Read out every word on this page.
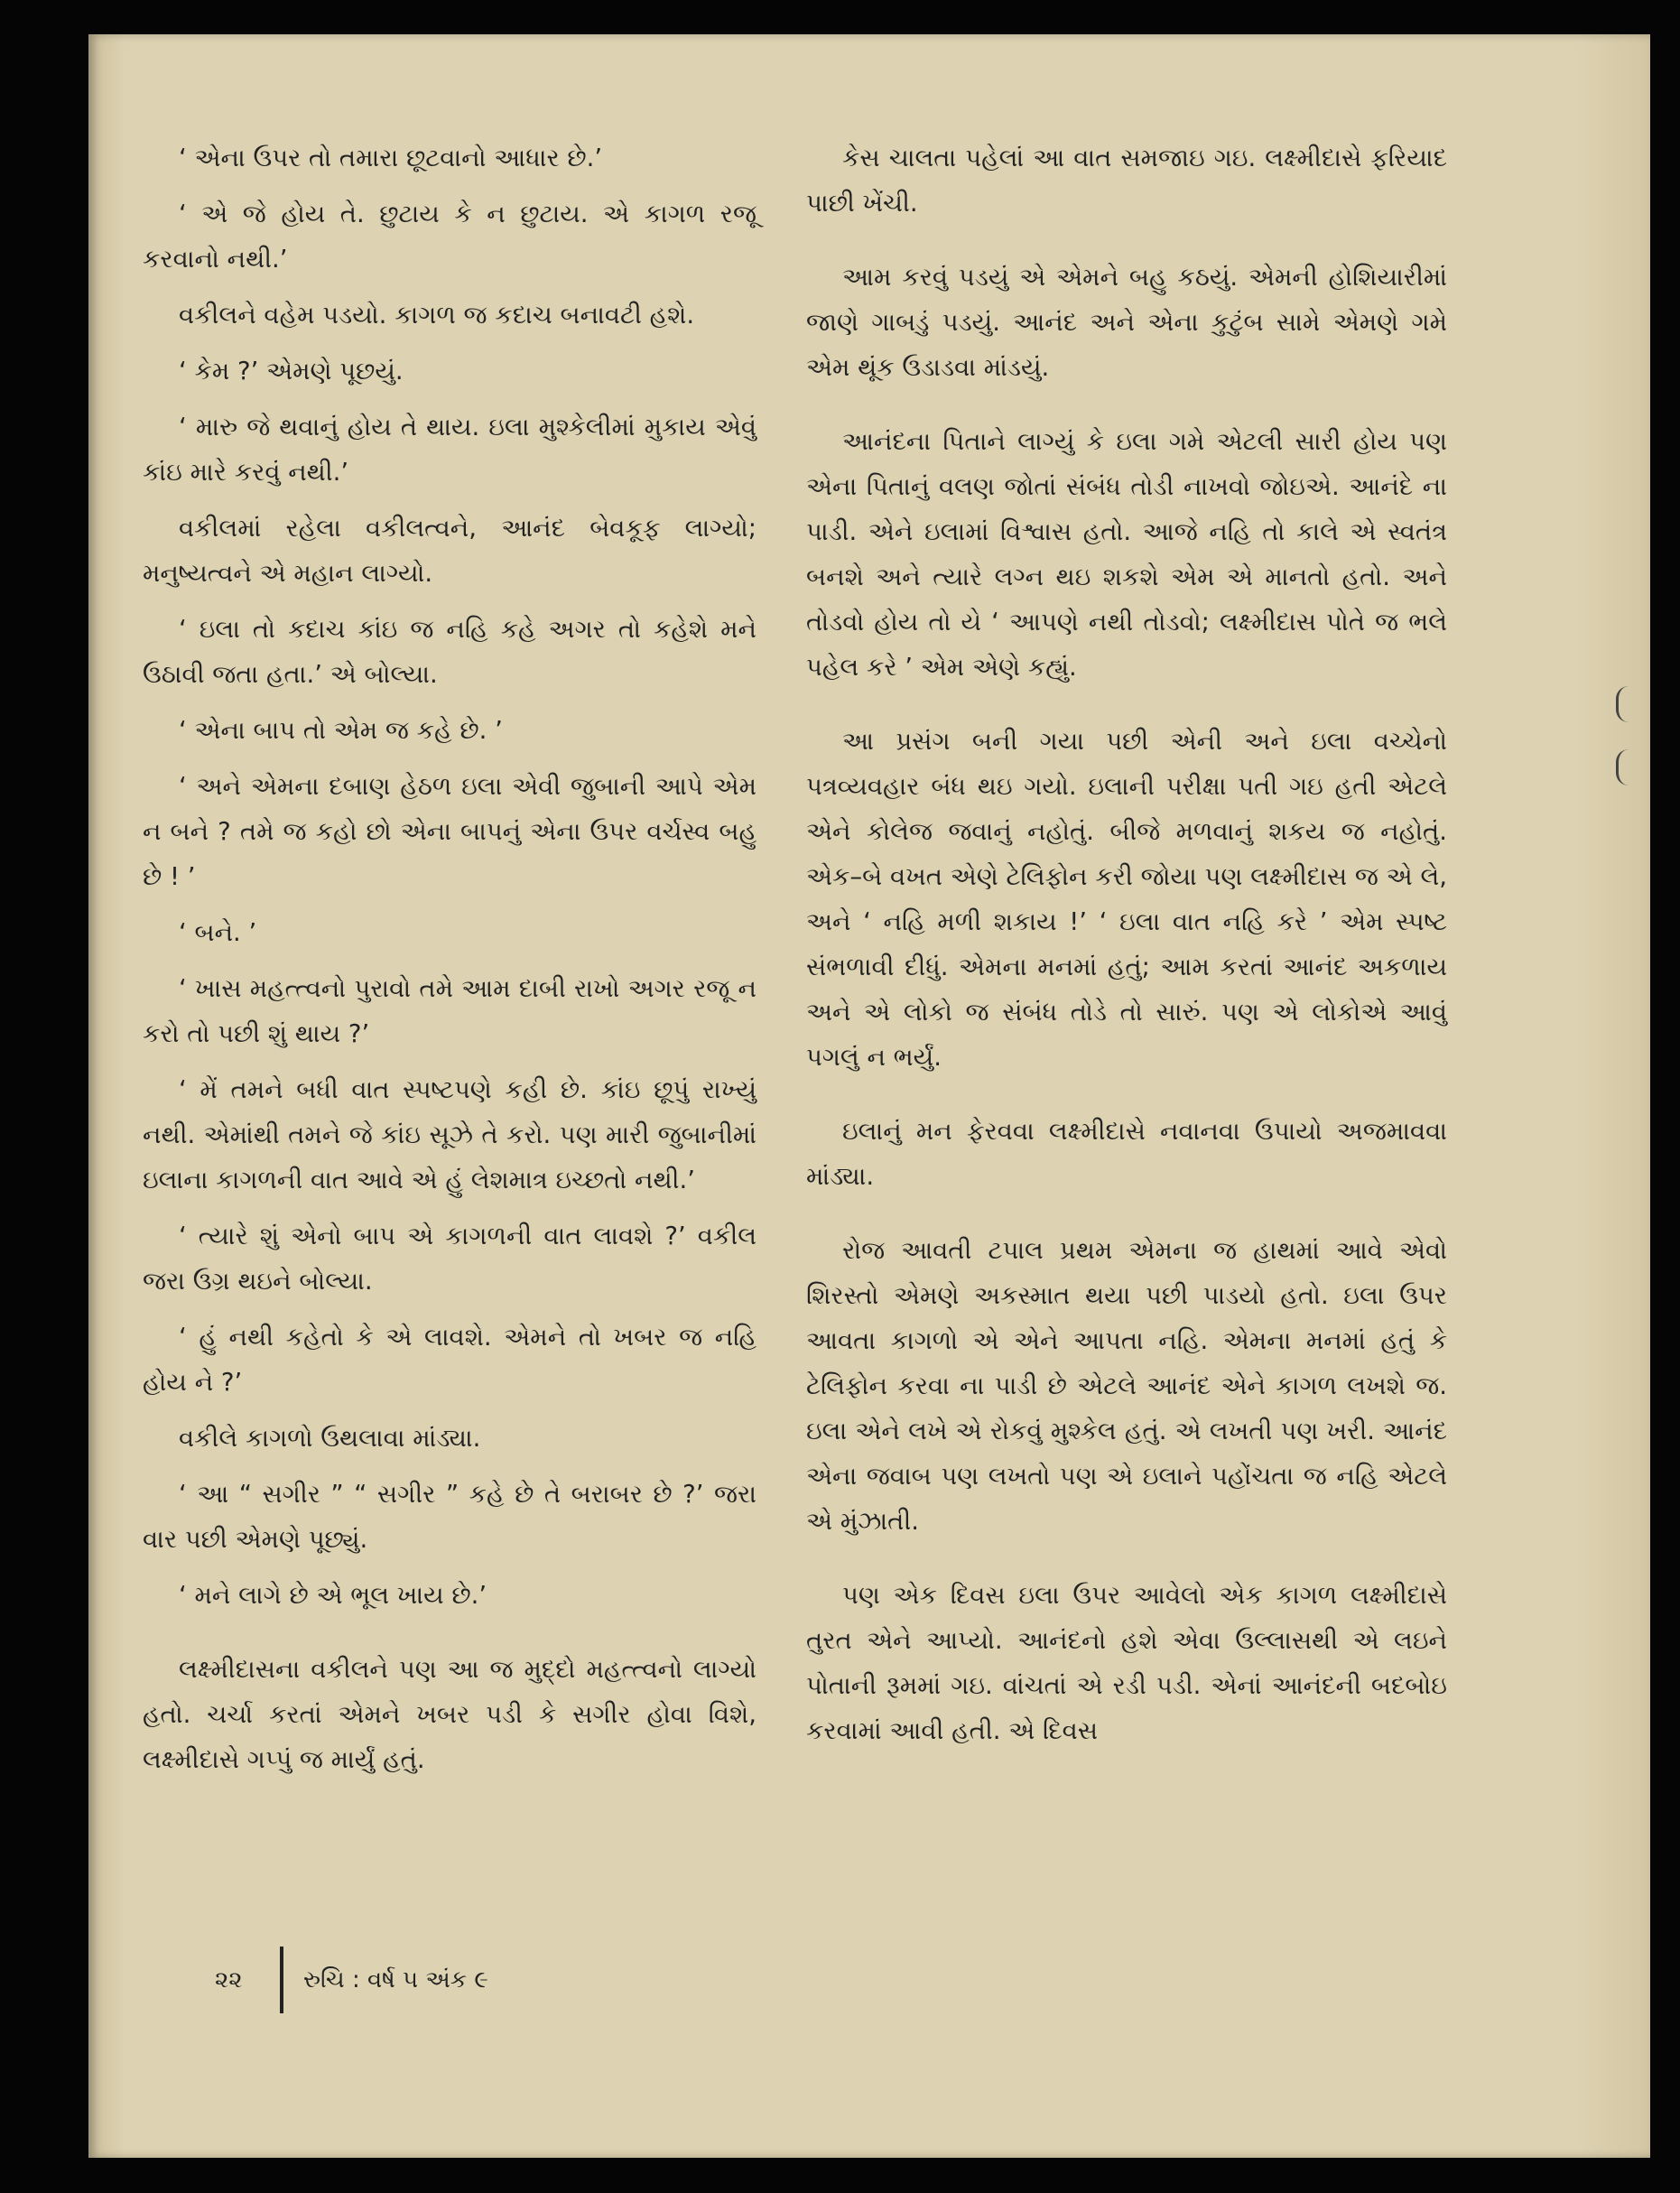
‘ એના ઉપર તો તમારા છૂટવાનો આધાર છે.’

‘ એ જે હોય તે. છુટાય કે ન છુટાય. એ કાગળ રજૂ કરવાનો નથી.’

વકીલને વહેમ પડયો. કાગળ જ કદાચ બનાવટી હશે.

‘ કેમ ?’ એમણે પૂછયું.

‘ મારુ જે થવાનું હોય તે થાય. ઇલા મુશ્કેલીમાં મુકાય એવું કાંઇ મારે કરવું નથી.’

વકીલમાં રહેલા વકીલત્વને, આનંદ બેવકૂફ લાગ્યો; મનુષ્યત્વને એ મહાન લાગ્યો.

‘ ઇલા તો કદાચ કાંઇ જ નહિ કહે અગર તો કહેશે મને ઉઠાવી જતા હતા.’ એ બોલ્યા.

‘ એના બાપ તો એમ જ કહે છે. ’

‘ અને એમના દબાણ હેઠળ ઇલા એવી જુબાની આપે એમ ન બને ? તમે જ કહો છો એના બાપનું એના ઉપર વર્ચસ્વ બહુ છે ! ’

‘ બને. ’

‘ ખાસ મહત્ત્વનો પુરાવો તમે આમ દાબી રાખો અગર રજૂ ન કરો તો પછી શું થાય ?’

‘ મેં તમને બધી વાત સ્પષ્ટપણે કહી છે. કાંઇ છૂપું રાખ્યું નથી. એમાંથી તમને જે કાંઇ સૂઝે તે કરો. પણ મારી જુબાનીમાં ઇલાના કાગળની વાત આવે એ હું લેશમાત્ર ઇચ્છતો નથી.’

‘ ત્યારે શું એનો બાપ એ કાગળની વાત લાવશે ?’ વકીલ જરા ઉગ્ર થઇને બોલ્યા.

‘ હું નથી કહેતો કે એ લાવશે. એમને તો ખબર જ નહિ હોય ને ?’

વકીલે કાગળો ઉથલાવા માંડ્યા.

‘ આ “ સગીર ” “ સગીર ” કહે છે તે બરાબર છે ?’ જરા વાર પછી એમણે પૂછ્યું.

‘ મને લાગે છે એ ભૂલ ખાય છે.’

લક્ષ્મીદાસના વકીલને પણ આ જ મુદ્દો મહત્ત્વનો લાગ્યો હતો. ચર્ચા કરતાં એમને ખબર પડી કે સગીર હોવા વિશે, લક્ષ્મીદાસે ગપ્પું જ માર્યું હતું.

કેસ ચાલતા પહેલાં આ વાત સમજાઇ ગઇ. લક્ષ્મીદાસે ફરિયાદ પાછી ખેંચી.

આમ કરવું પડયું એ એમને બહુ કઠયું. એમની હોશિયારીમાં જાણે ગાબડું પડયું. આનંદ અને એના કુટુંબ સામે એમણે ગમે એમ થૂંક ઉડાડવા માંડયું.

આનંદના પિતાને લાગ્યું કે ઇલા ગમે એટલી સારી હોય પણ એના પિતાનું વલણ જોતાં સંબંધ તોડી નાખવો જોઇએ. આનંદે ના પાડી. એને ઇલામાં વિશ્વાસ હતો. આજે નહિ તો કાલે એ સ્વતંત્ર બનશે અને ત્યારે લગ્ન થઇ શકશે એમ એ માનતો હતો. અને તોડવો હોય તો યે ‘ આપણે નથી તોડવો; લક્ષ્મીદાસ પોતે જ ભલે પહેલ કરે ’ એમ એણે કહ્યું.

આ પ્રસંગ બની ગયા પછી એની અને ઇલા વચ્ચેનો પત્રવ્યવહાર બંધ થઇ ગયો. ઇલાની પરીક્ષા પતી ગઇ હતી એટલે એને કોલેજ જવાનું નહોતું. બીજે મળવાનું શકય જ નહોતું. એક–બે વખત એણે ટેલિફોન કરી જોયા પણ લક્ષ્મીદાસ જ એ લે, અને ‘ નહિ મળી શકાય !’ ‘ ઇલા વાત નહિ કરે ’ એમ સ્પષ્ટ સંભળાવી દીધું. એમના મનમાં હતું; આમ કરતાં આનંદ અકળાય અને એ લોકો જ સંબંધ તોડે તો સારું. પણ એ લોકોએ આવું પગલું ન ભર્યું.

ઇલાનું મન ફેરવવા લક્ષ્મીદાસે નવાનવા ઉપાયો અજમાવવા માંડ્યા.

રોજ આવતી ટપાલ પ્રથમ એમના જ હાથમાં આવે એવો શિરસ્તો એમણે અકસ્માત થયા પછી પાડયો હતો. ઇલા ઉપર આવતા કાગળો એ એને આપતા નહિ. એમના મનમાં હતું કે ટેલિફોન કરવા ના પાડી છે એટલે આનંદ એને કાગળ લખશે જ. ઇલા એને લખે એ રોકવું મુશ્કેલ હતું. એ લખતી પણ ખરી. આનંદ એના જવાબ પણ લખતો પણ એ ઇલાને પહોંચતા જ નહિ એટલે એ મુંઝાતી.

પણ એક દિવસ ઇલા ઉપર આવેલો એક કાગળ લક્ષ્મીદાસે તુરત એને આપ્યો. આનંદનો હશે એવા ઉલ્લાસથી એ લઇને પોતાની રૂમમાં ગઇ. વાંચતાં એ રડી પડી. એનાં આનંદની બદબોઇ કરવામાં આવી હતી. એ દિવસ

૨૨	રુચિ : વર્ષ ૫ અંક ૯
